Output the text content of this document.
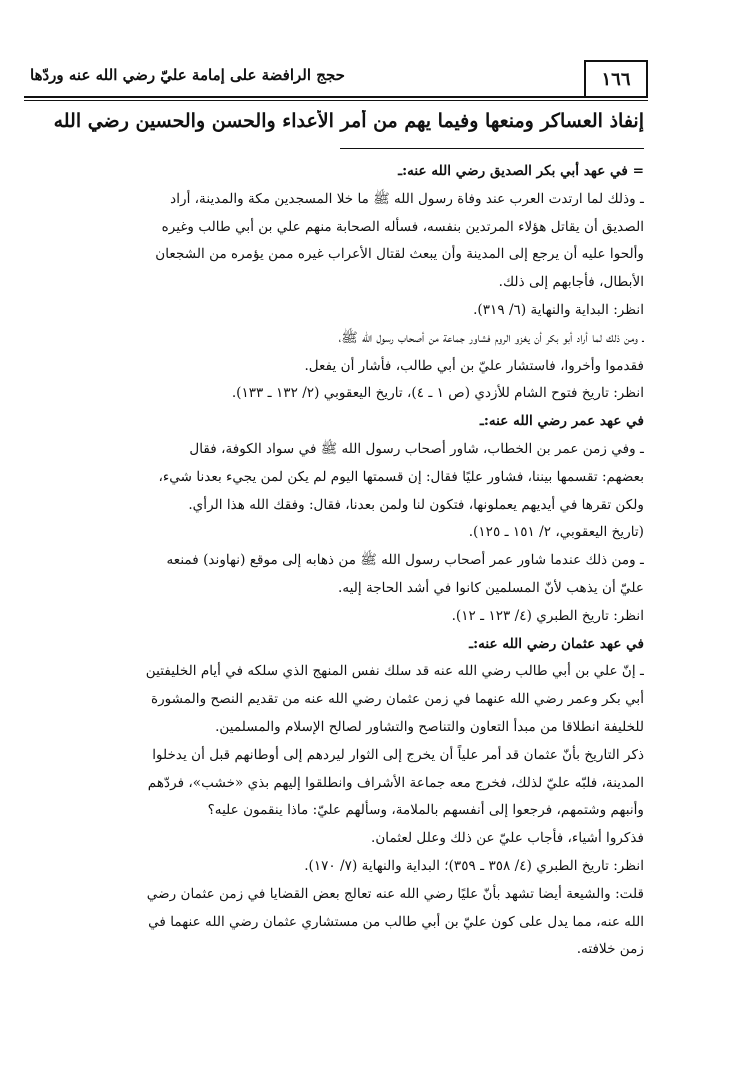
١٦٦
حجج الرافضة على إمامة عليّ رضي الله عنه وردّها
إنفاذ العساكر ومنعها وفيما يهم من أمر الأعداء والحسن والحسين رضي الله
= في عهد أبي بكر الصديق رضي الله عنه:ـ
ـ وذلك لما ارتدت العرب عند وفاة رسول الله ﷺ ما خلا المسجدين مكة والمدينة، أراد
الصديق أن يقاتل هؤلاء المرتدين بنفسه، فسأله الصحابة منهم علي بن أبي طالب وغيره
وألحوا عليه أن يرجع إلى المدينة وأن يبعث لقتال الأعراب غيره ممن يؤمره من الشجعان
الأبطال، فأجابهم إلى ذلك.
انظر: البداية والنهاية (٦/ ٣١٩).
ـ ومن ذلك لما أراد أبو بكر أن يغزو الروم فشاور جماعة من أصحاب رسول الله ﷺ،
فقدموا وأخروا، فاستشار عليّ بن أبي طالب، فأشار أن يفعل.
انظر: تاريخ فتوح الشام للأزدي (ص ١ ـ ٤)، تاريخ اليعقوبي (٢/ ١٣٢ ـ ١٣٣).
في عهد عمر رضي الله عنه:ـ
ـ وفي زمن عمر بن الخطاب، شاور أصحاب رسول الله ﷺ في سواد الكوفة، فقال
بعضهم: تقسمها بيننا، فشاور عليًا فقال: إن قسمتها اليوم لم يكن لمن يجيء بعدنا شيء،
ولكن تقرها في أيديهم يعملونها، فتكون لنا ولمن بعدنا، فقال: وفقك الله هذا الرأي.
(تاريخ اليعقوبي، ٢/ ١٥١ ـ ١٢٥).
ـ ومن ذلك عندما شاور عمر أصحاب رسول الله ﷺ من ذهابه إلى موقع (نهاوند) فمنعه
عليّ أن يذهب لأنّ المسلمين كانوا في أشد الحاجة إليه.
انظر: تاريخ الطبري (٤/ ١٢٣ ـ ١٢).
في عهد عثمان رضي الله عنه:ـ
ـ إنّ علي بن أبي طالب رضي الله عنه قد سلك نفس المنهج الذي سلكه في أيام الخليفتين
أبي بكر وعمر رضي الله عنهما في زمن عثمان رضي الله عنه من تقديم النصح والمشورة
للخليفة انطلاقا من مبدأ التعاون والتناصح والتشاور لصالح الإسلام والمسلمين.
ذكر التاريخ بأنّ عثمان قد أمر علياً أن يخرج إلى الثوار ليردهم إلى أوطانهم قبل أن يدخلوا
المدينة، فلبّه عليّ لذلك، فخرج معه جماعة الأشراف وانطلقوا إليهم بذي «خشب»، فردّهم
وأنبهم وشتمهم، فرجعوا إلى أنفسهم بالملامة، وسألهم عليّ: ماذا ينقمون عليه؟
فذكروا أشياء، فأجاب عليّ عن ذلك وعلل لعثمان.
انظر: تاريخ الطبري (٤/ ٣٥٨ ـ ٣٥٩)؛ البداية والنهاية (٧/ ١٧٠).
قلت: والشيعة أيضا تشهد بأنّ عليًا رضي الله عنه تعالج بعض القضايا في زمن عثمان رضي
الله عنه، مما يدل على كون عليّ بن أبي طالب من مستشاري عثمان رضي الله عنهما في
زمن خلافته.
